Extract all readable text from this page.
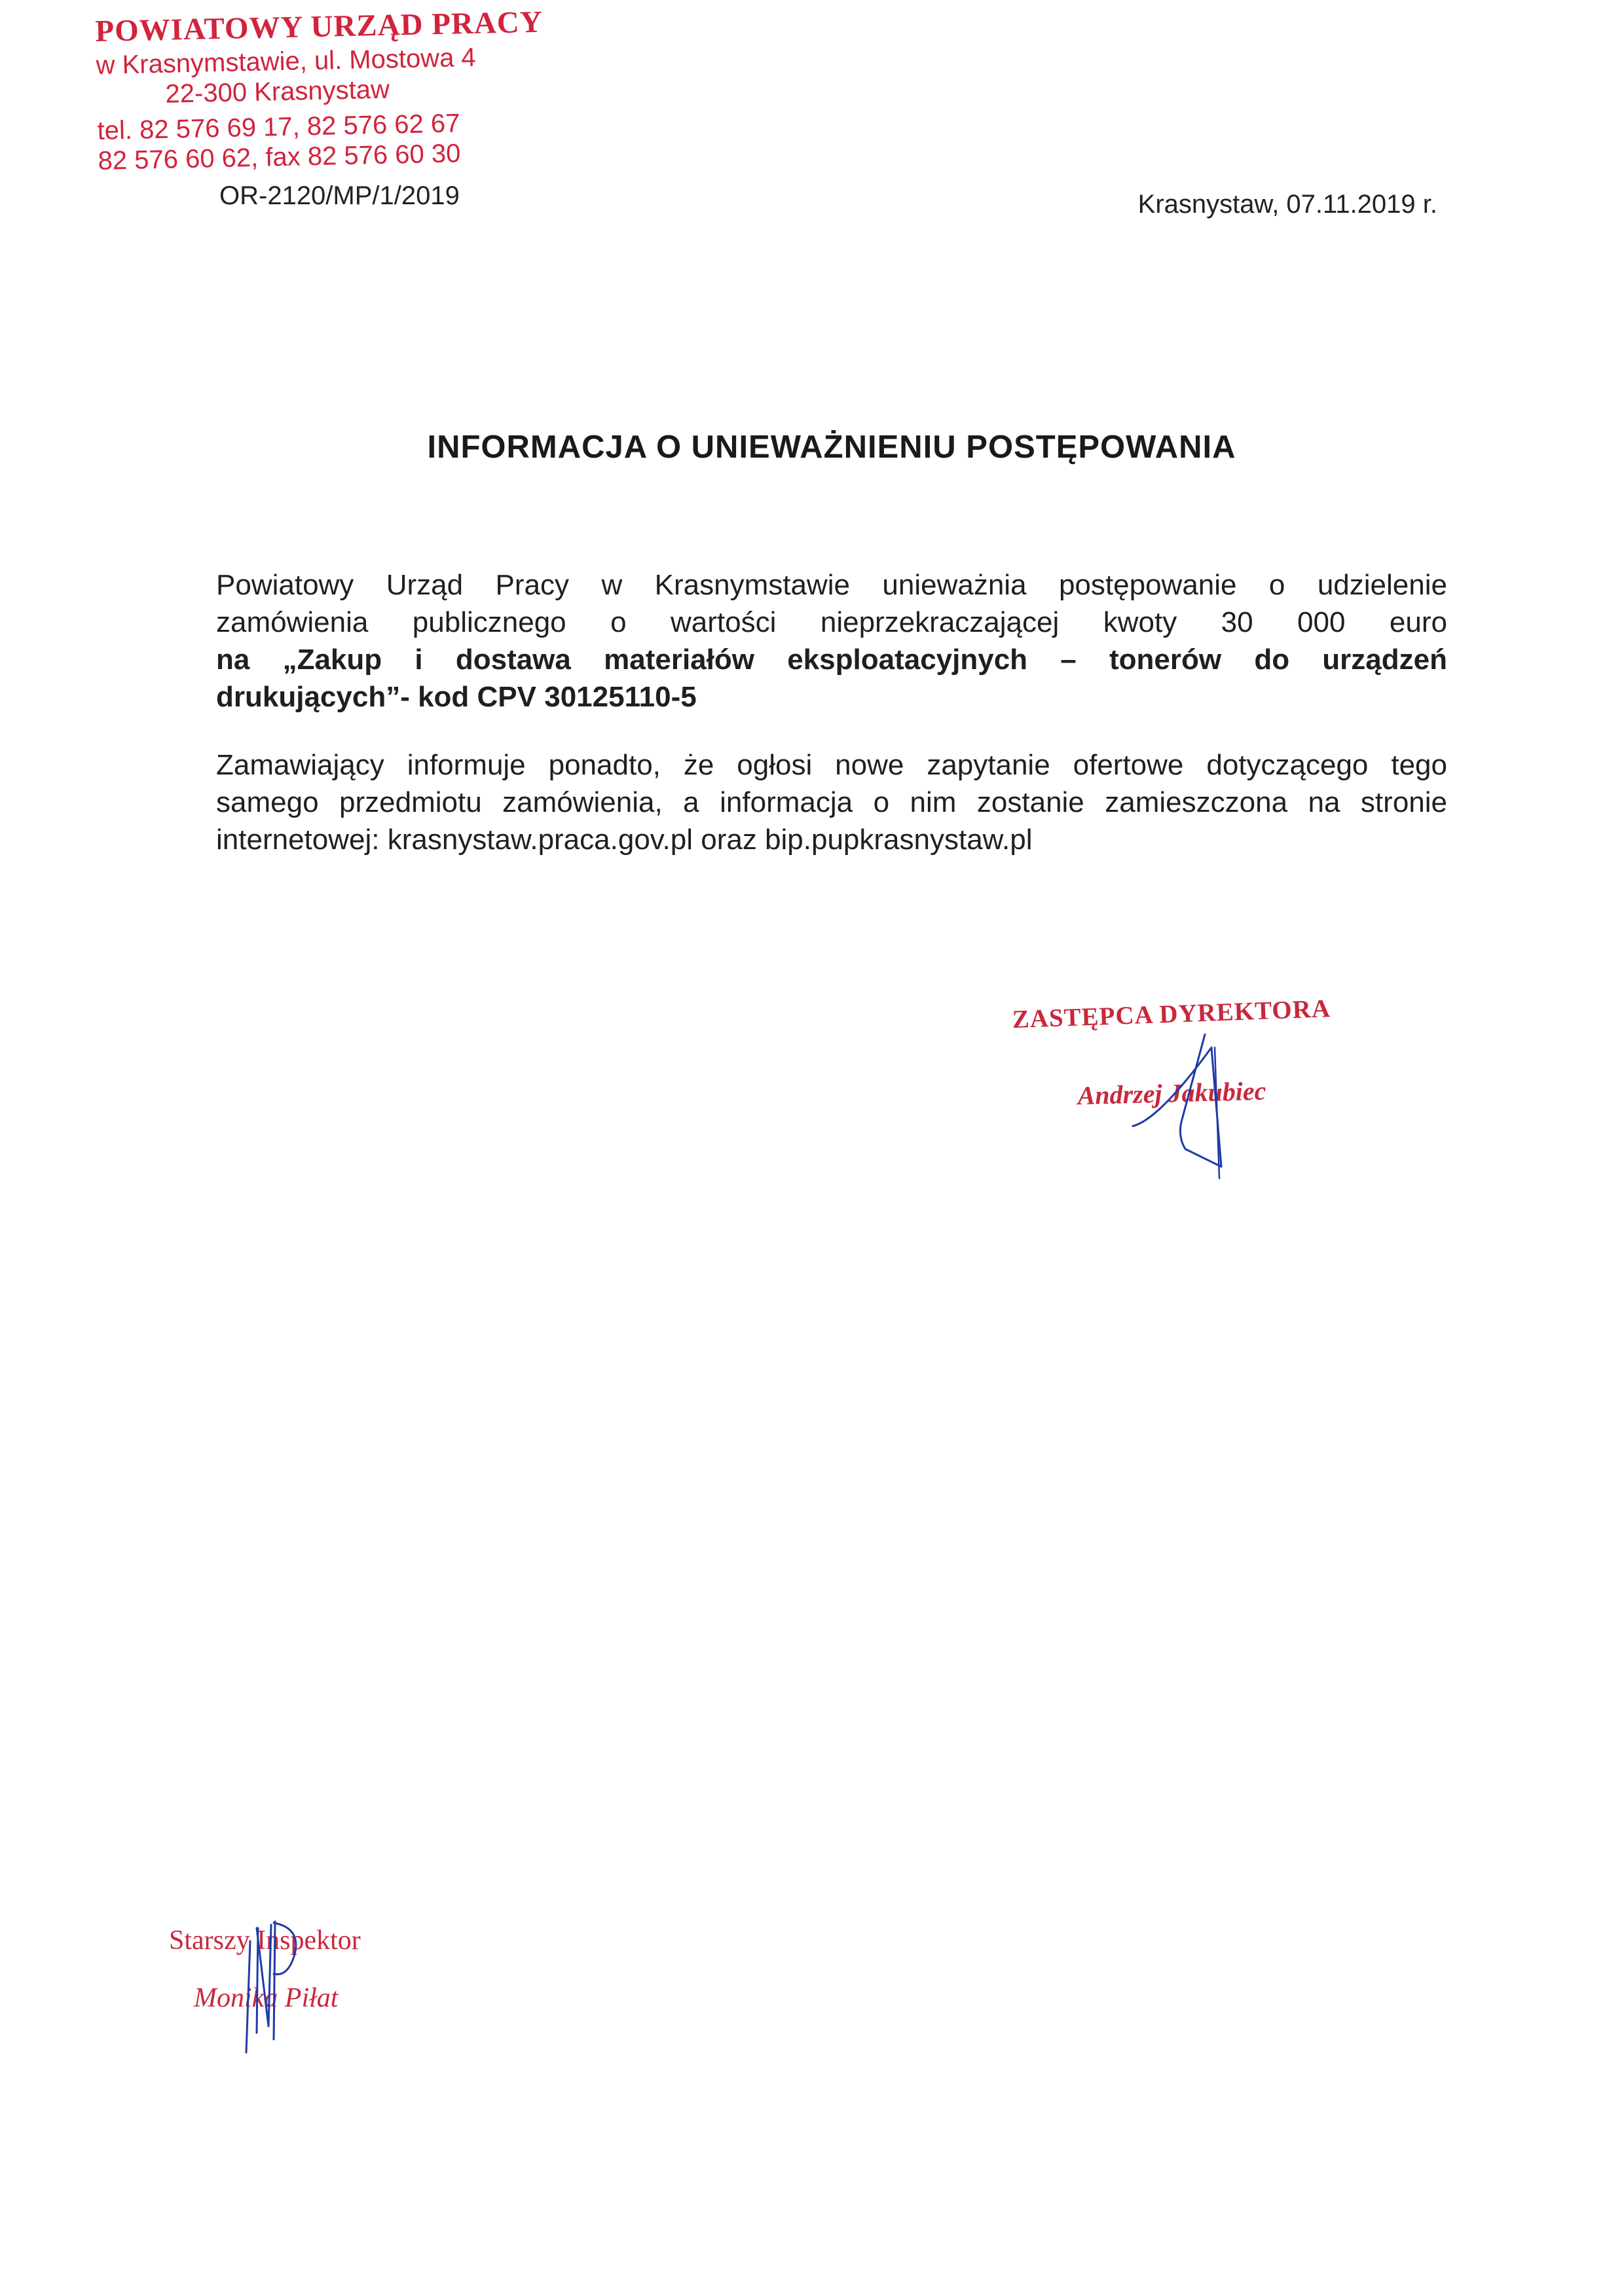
POWIATOWY URZĄD PRACY
w Krasnymstawie, ul. Mostowa 4
22-300 Krasnystaw
tel. 82 576 69 17, 82 576 62 67
82 576 60 62, fax 82 576 60 30
OR-2120/MP/1/2019	Krasnystaw, 07.11.2019 r.
INFORMACJA O UNIEWAŻNIENIU POSTĘPOWANIA
Powiatowy Urząd Pracy w Krasnymstawie unieważnia postępowanie o udzielenie
zamówienia publicznego o wartości nieprzekraczającej kwoty 30 000 euro
na „Zakup i dostawa materiałów eksploatacyjnych – tonerów do urządzeń
drukujących”- kod CPV 30125110-5
Zamawiający informuje ponadto, że ogłosi nowe zapytanie ofertowe dotyczącego tego
samego przedmiotu zamówienia, a informacja o nim zostanie zamieszczona na stronie
internetowej: krasnystaw.praca.gov.pl oraz bip.pupkrasnystaw.pl
ZASTĘPCA DYREKTORA
Andrzej Jakubiec
Starszy Inspektor
Monika Piłat
